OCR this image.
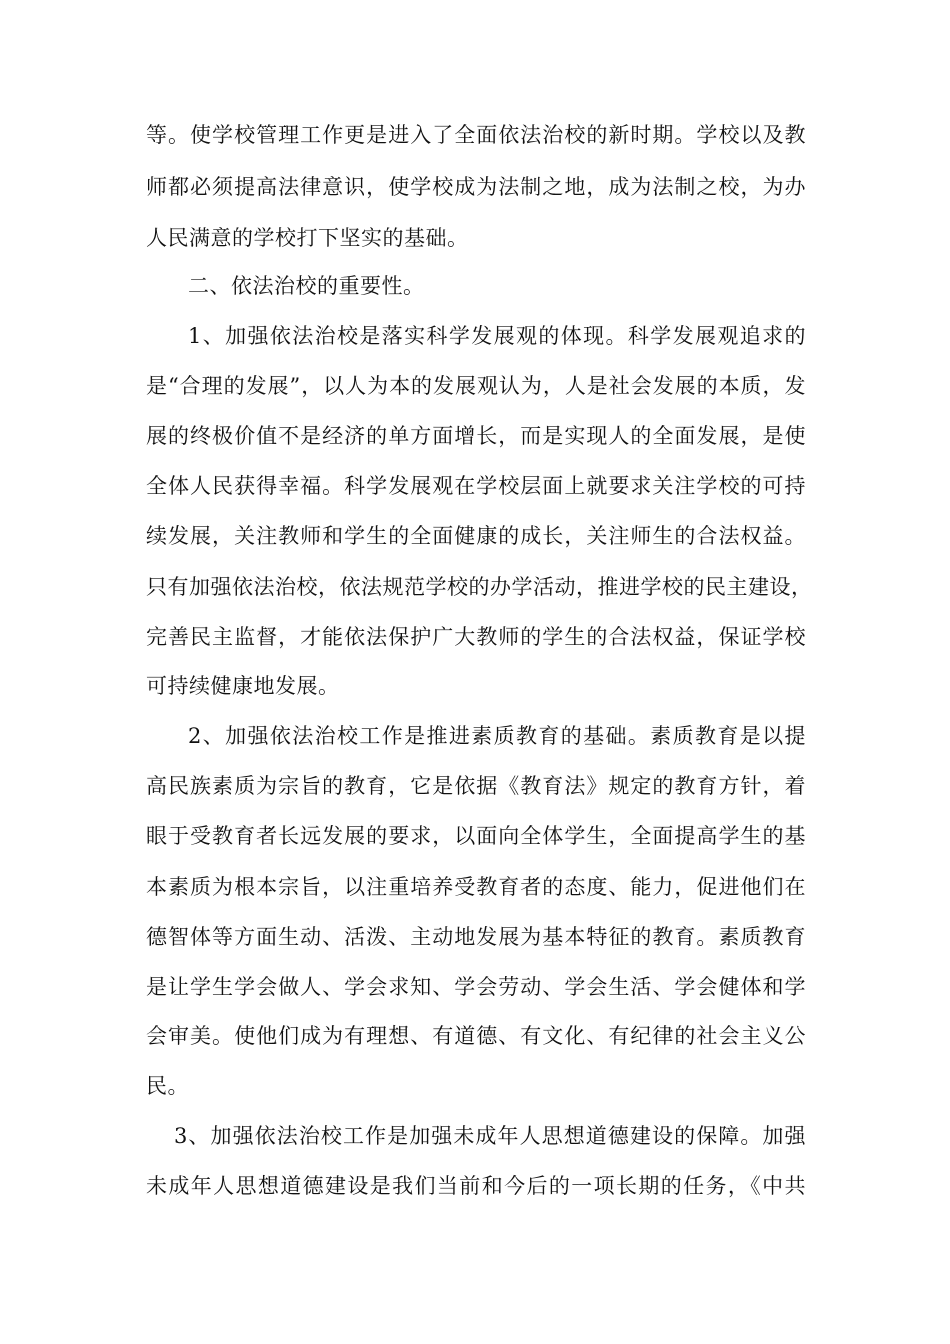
等。使学校管理工作更是进入了全面依法治校的新时期。学校以及教
师都必须提高法律意识，使学校成为法制之地，成为法制之校，为办
人民满意的学校打下坚实的基础。
二、依法治校的重要性。
1、加强依法治校是落实科学发展观的体现。科学发展观追求的
是“合理的发展”，以人为本的发展观认为，人是社会发展的本质，发
展的终极价值不是经济的单方面增长，而是实现人的全面发展，是使
全体人民获得幸福。科学发展观在学校层面上就要求关注学校的可持
续发展，关注教师和学生的全面健康的成长，关注师生的合法权益。
只有加强依法治校，依法规范学校的办学活动，推进学校的民主建设，
完善民主监督，才能依法保护广大教师的学生的合法权益，保证学校
可持续健康地发展。
2、加强依法治校工作是推进素质教育的基础。素质教育是以提
高民族素质为宗旨的教育，它是依据《教育法》规定的教育方针，着
眼于受教育者长远发展的要求，以面向全体学生，全面提高学生的基
本素质为根本宗旨，以注重培养受教育者的态度、能力，促进他们在
德智体等方面生动、活泼、主动地发展为基本特征的教育。素质教育
是让学生学会做人、学会求知、学会劳动、学会生活、学会健体和学
会审美。使他们成为有理想、有道德、有文化、有纪律的社会主义公
民。
3、加强依法治校工作是加强未成年人思想道德建设的保障。加强
未成年人思想道德建设是我们当前和今后的一项长期的任务，《中共
